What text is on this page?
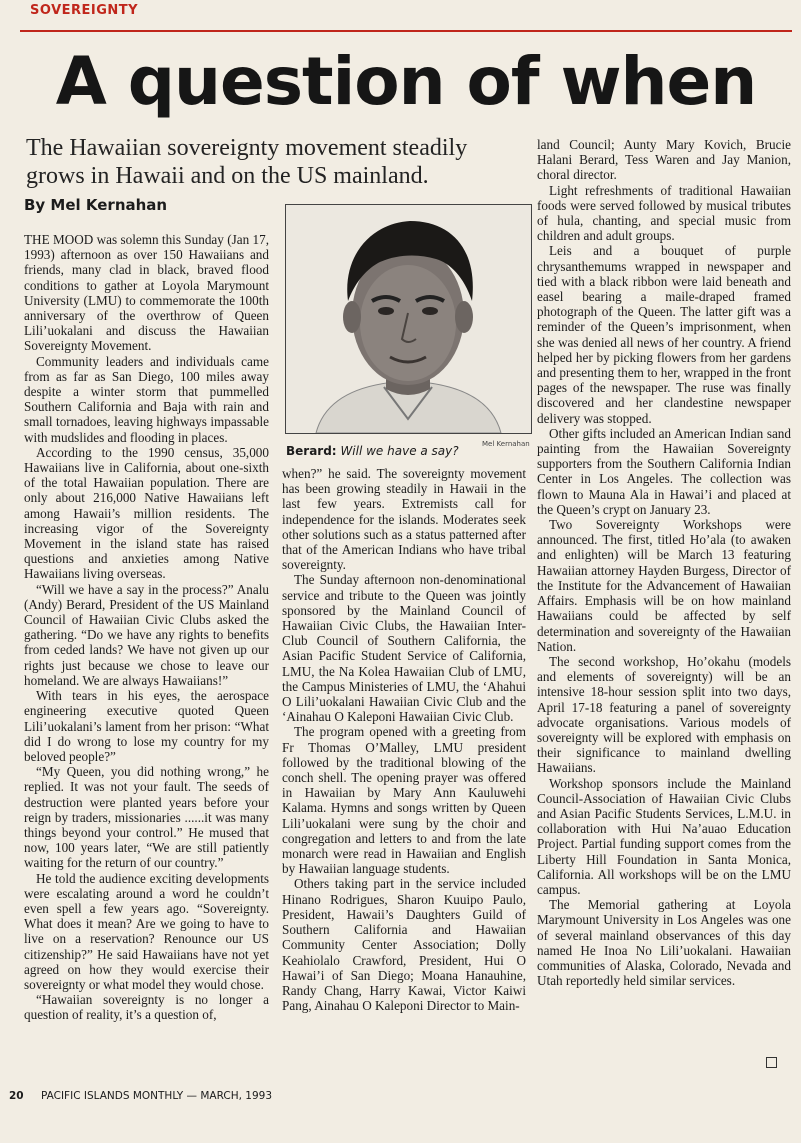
SOVEREIGNTY
A question of when
The Hawaiian sovereignty movement steadily grows in Hawaii and on the US mainland.
By Mel Kernahan

THE MOOD was solemn this Sunday (Jan 17, 1993) afternoon as over 150 Hawaiians and friends, many clad in black, braved flood conditions to gather at Loyola Marymount University (LMU) to commemorate the 100th anniversary of the overthrow of Queen Lili’uokalani and discuss the Hawaiian Sovereignty Movement.

Community leaders and individuals came from as far as San Diego, 100 miles away despite a winter storm that pummelled Southern California and Baja with rain and small tornadoes, leaving highways impassable with mudslides and flooding in places.

According to the 1990 census, 35,000 Hawaiians live in California, about one-sixth of the total Hawaiian population. There are only about 216,000 Native Hawaiians left among Hawaii’s million residents. The increasing vigor of the Sovereignty Movement in the island state has raised questions and anxieties among Native Hawaiians living overseas.

“Will we have a say in the process?” Analu (Andy) Berard, President of the US Mainland Council of Hawaiian Civic Clubs asked the gathering. “Do we have any rights to benefits from ceded lands? We have not given up our rights just because we chose to leave our homeland. We are always Hawaiians!”

With tears in his eyes, the aerospace engineering executive quoted Queen Lili’uokalani’s lament from her prison: “What did I do wrong to lose my country for my beloved people?”

“My Queen, you did nothing wrong,” he replied. It was not your fault. The seeds of destruction were planted years before your reign by traders, missionaries ......it was many things beyond your control.” He mused that now, 100 years later, “We are still patiently waiting for the return of our country.”

He told the audience exciting developments were escalating around a word he couldn’t even spell a few years ago. “Sovereignty. What does it mean? Are we going to have to live on a reservation? Renounce our US citizenship?” He said Hawaiians have not yet agreed on how they would exercise their sovereignty or what model they would chose.

“Hawaiian sovereignty is no longer a question of reality, it’s a question of,

Mel Kernahan
Berard: Will we have a say?

when?” he said. The sovereignty movement has been growing steadily in Hawaii in the last few years. Extremists call for independence for the islands. Moderates seek other solutions such as a status patterned after that of the American Indians who have tribal sovereignty.

The Sunday afternoon non-denominational service and tribute to the Queen was jointly sponsored by the Mainland Council of Hawaiian Civic Clubs, the Hawaiian Inter-Club Council of Southern California, the Asian Pacific Student Service of California, LMU, the Na Kolea Hawaiian Club of LMU, the Campus Ministeries of LMU, the ‘Ahahui O Lili’uokalani Hawaiian Civic Club and the ‘Ainahau O Kaleponi Hawaiian Civic Club.

The program opened with a greeting from Fr Thomas O’Malley, LMU president followed by the traditional blowing of the conch shell. The opening prayer was offered in Hawaiian by Mary Ann Kauluwehi Kalama. Hymns and songs written by Queen Lili’uokalani were sung by the choir and congregation and letters to and from the late monarch were read in Hawaiian and English by Hawaiian language students.

Others taking part in the service included Hinano Rodrigues, Sharon Kuuipo Paulo, President, Hawaii’s Daughters Guild of Southern California and Hawaiian Community Center Association; Dolly Keahiolalo Crawford, President, Hui O Hawai’i of San Diego; Moana Hanauhine, Randy Chang, Harry Kawai, Victor Kaiwi Pang, Ainahau O Kaleponi Director to Main-

land Council; Aunty Mary Kovich, Brucie Halani Berard, Tess Waren and Jay Manion, choral director.

Light refreshments of traditional Hawaiian foods were served followed by musical tributes of hula, chanting, and special music from children and adult groups.

Leis and a bouquet of purple chrysanthemums wrapped in newspaper and tied with a black ribbon were laid beneath and easel bearing a maile-draped framed photograph of the Queen. The latter gift was a reminder of the Queen’s imprisonment, when she was denied all news of her country. A friend helped her by picking flowers from her gardens and presenting them to her, wrapped in the front pages of the newspaper. The ruse was finally discovered and her clandestine newspaper delivery was stopped.

Other gifts included an American Indian sand painting from the Hawaiian Sovereignty supporters from the Southern California Indian Center in Los Angeles. The collection was flown to Mauna Ala in Hawai’i and placed at the Queen’s crypt on January 23.

Two Sovereignty Workshops were announced. The first, titled Ho’ala (to awaken and enlighten) will be March 13 featuring Hawaiian attorney Hayden Burgess, Director of the Institute for the Advancement of Hawaiian Affairs. Emphasis will be on how mainland Hawaiians could be affected by self determination and sovereignty of the Hawaiian Nation.

The second workshop, Ho’okahu (models and elements of sovereignty) will be an intensive 18-hour session split into two days, April 17-18 featuring a panel of sovereignty advocate organisations. Various models of sovereignty will be explored with emphasis on their significance to mainland dwelling Hawaiians.

Workshop sponsors include the Mainland Council-Association of Hawaiian Civic Clubs and Asian Pacific Students Services, L.M.U. in collaboration with Hui Na’auao Education Project. Partial funding support comes from the Liberty Hill Foundation in Santa Monica, California. All workshops will be on the LMU campus.

The Memorial gathering at Loyola Marymount University in Los Angeles was one of several mainland observances of this day named He Inoa No Lili’uokalani. Hawaiian communities of Alaska, Colorado, Nevada and Utah reportedly held similar services.

20 PACIFIC ISLANDS MONTHLY — MARCH, 1993
